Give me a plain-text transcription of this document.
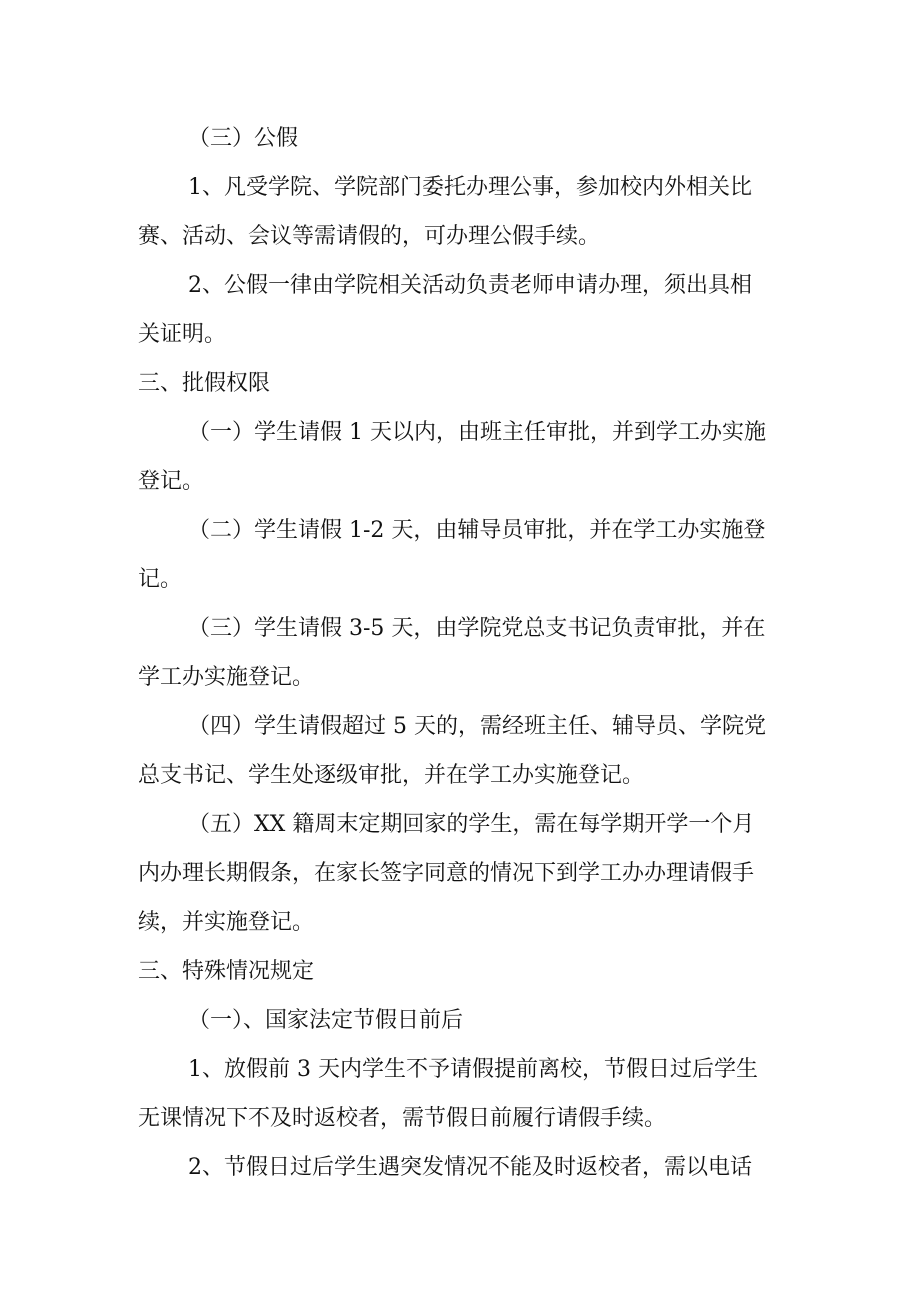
（三）公假

1、凡受学院、学院部门委托办理公事，参加校内外相关比

赛、活动、会议等需请假的，可办理公假手续。

2、公假一律由学院相关活动负责老师申请办理，须出具相

关证明。

三、批假权限

（一）学生请假 1 天以内，由班主任审批，并到学工办实施

登记。

（二）学生请假 1-2 天，由辅导员审批，并在学工办实施登

记。

（三）学生请假 3-5 天，由学院党总支书记负责审批，并在

学工办实施登记。

（四）学生请假超过 5 天的，需经班主任、辅导员、学院党

总支书记、学生处逐级审批，并在学工办实施登记。

（五）XX 籍周末定期回家的学生，需在每学期开学一个月

内办理长期假条，在家长签字同意的情况下到学工办办理请假手

续，并实施登记。

三、特殊情况规定

（一）、国家法定节假日前后

1、放假前 3 天内学生不予请假提前离校，节假日过后学生

无课情况下不及时返校者，需节假日前履行请假手续。

2、节假日过后学生遇突发情况不能及时返校者，需以电话
